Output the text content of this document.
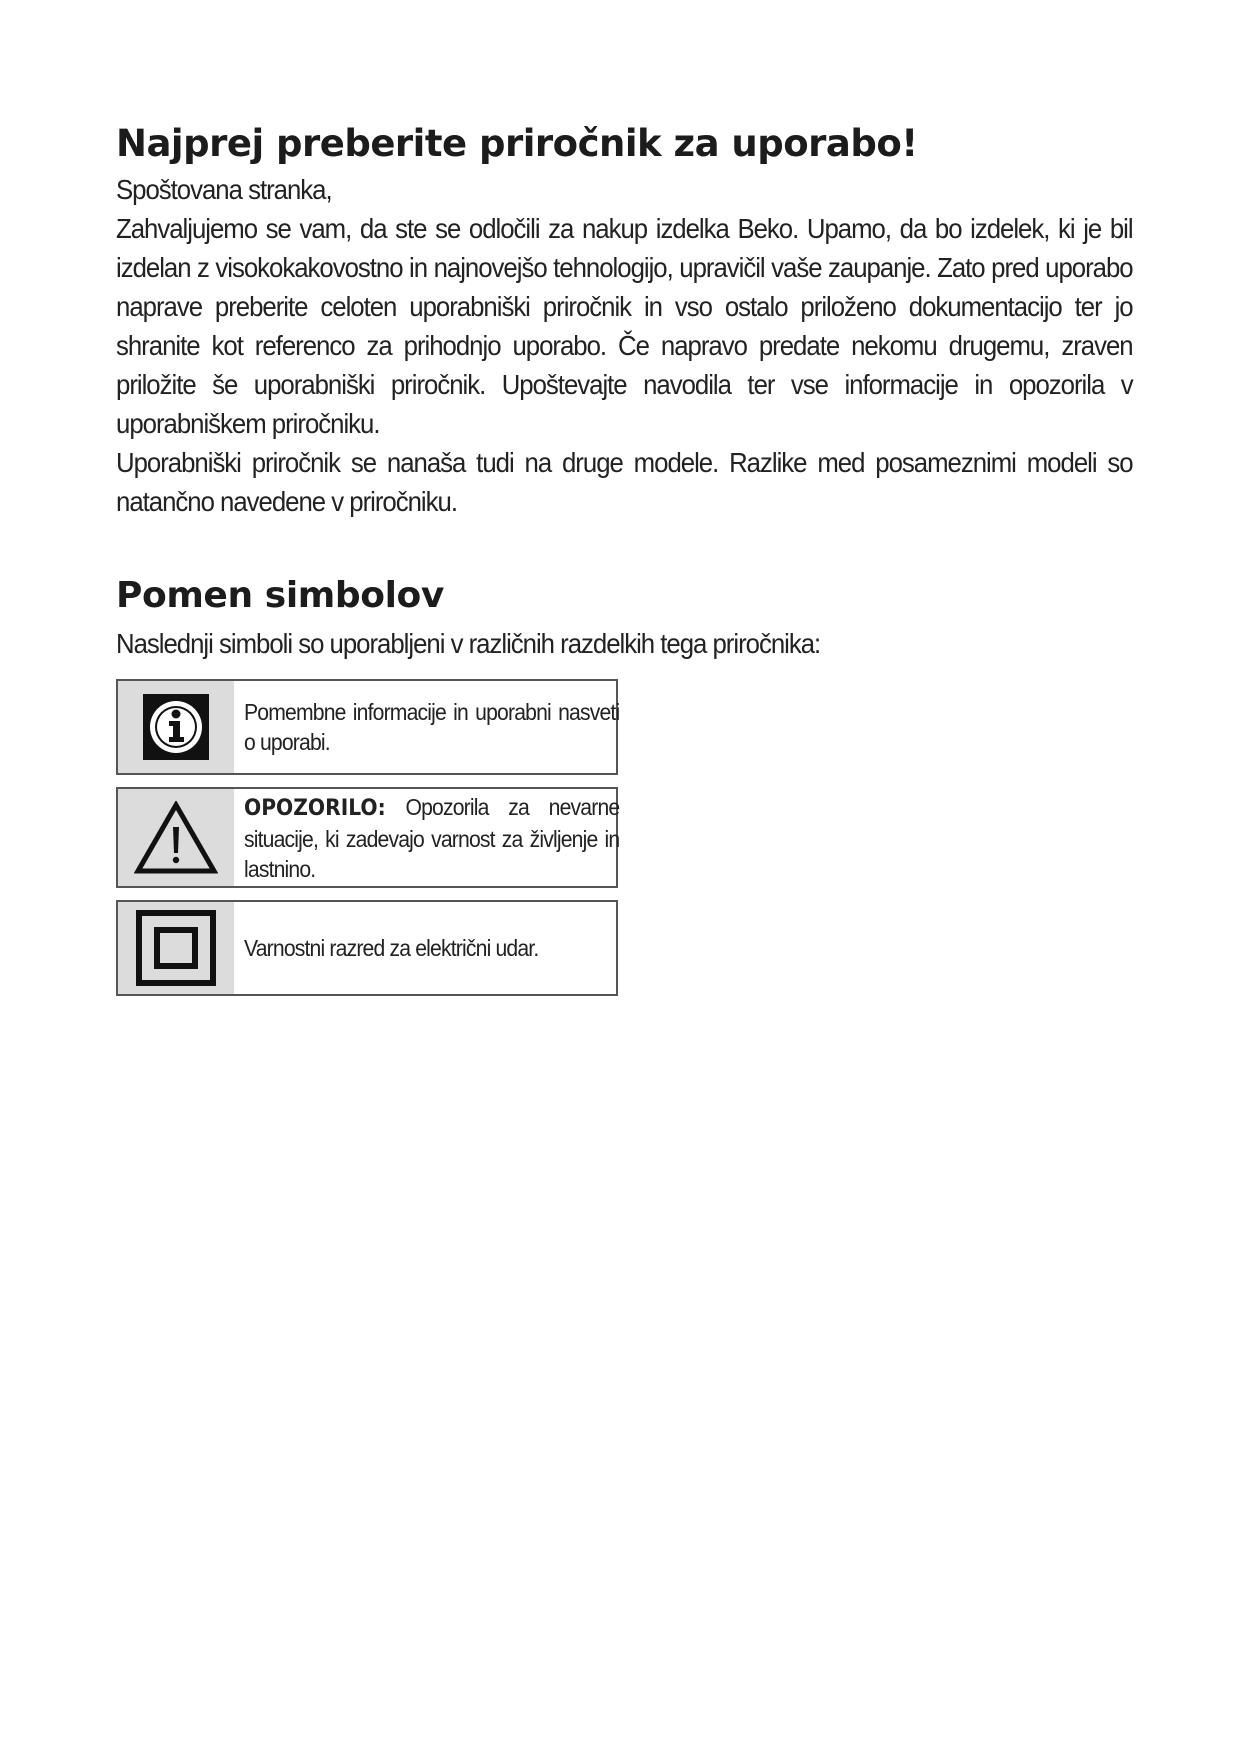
Najprej preberite priročnik za uporabo!

Spoštovana stranka,

Zahvaljujemo se vam, da ste se odločili za nakup izdelka Beko. Upamo, da bo izdelek, ki je bil izdelan z visokokakovostno in najnovejšo tehnologijo, upravičil vaše zaupanje. Zato pred uporabo naprave preberite celoten uporabniški priročnik in vso ostalo priloženo dokumentacijo ter jo shranite kot referenco za prihodnjo uporabo. Če napravo predate nekomu drugemu, zraven priložite še uporabniški priročnik. Upoštevajte navodila ter vse informacije in opozorila v uporabniškem priročniku.

Uporabniški priročnik se nanaša tudi na druge modele. Razlike med posameznimi modeli so natančno navedene v priročniku.

Pomen simbolov

Naslednji simboli so uporabljeni v različnih razdelkih tega priročnika:

Pomembne informacije in uporabni nasveti o uporabi.
OPOZORILO: Opozorila za nevarne situacije, ki zadevajo varnost za življenje in lastnino.
Varnostni razred za električni udar.
